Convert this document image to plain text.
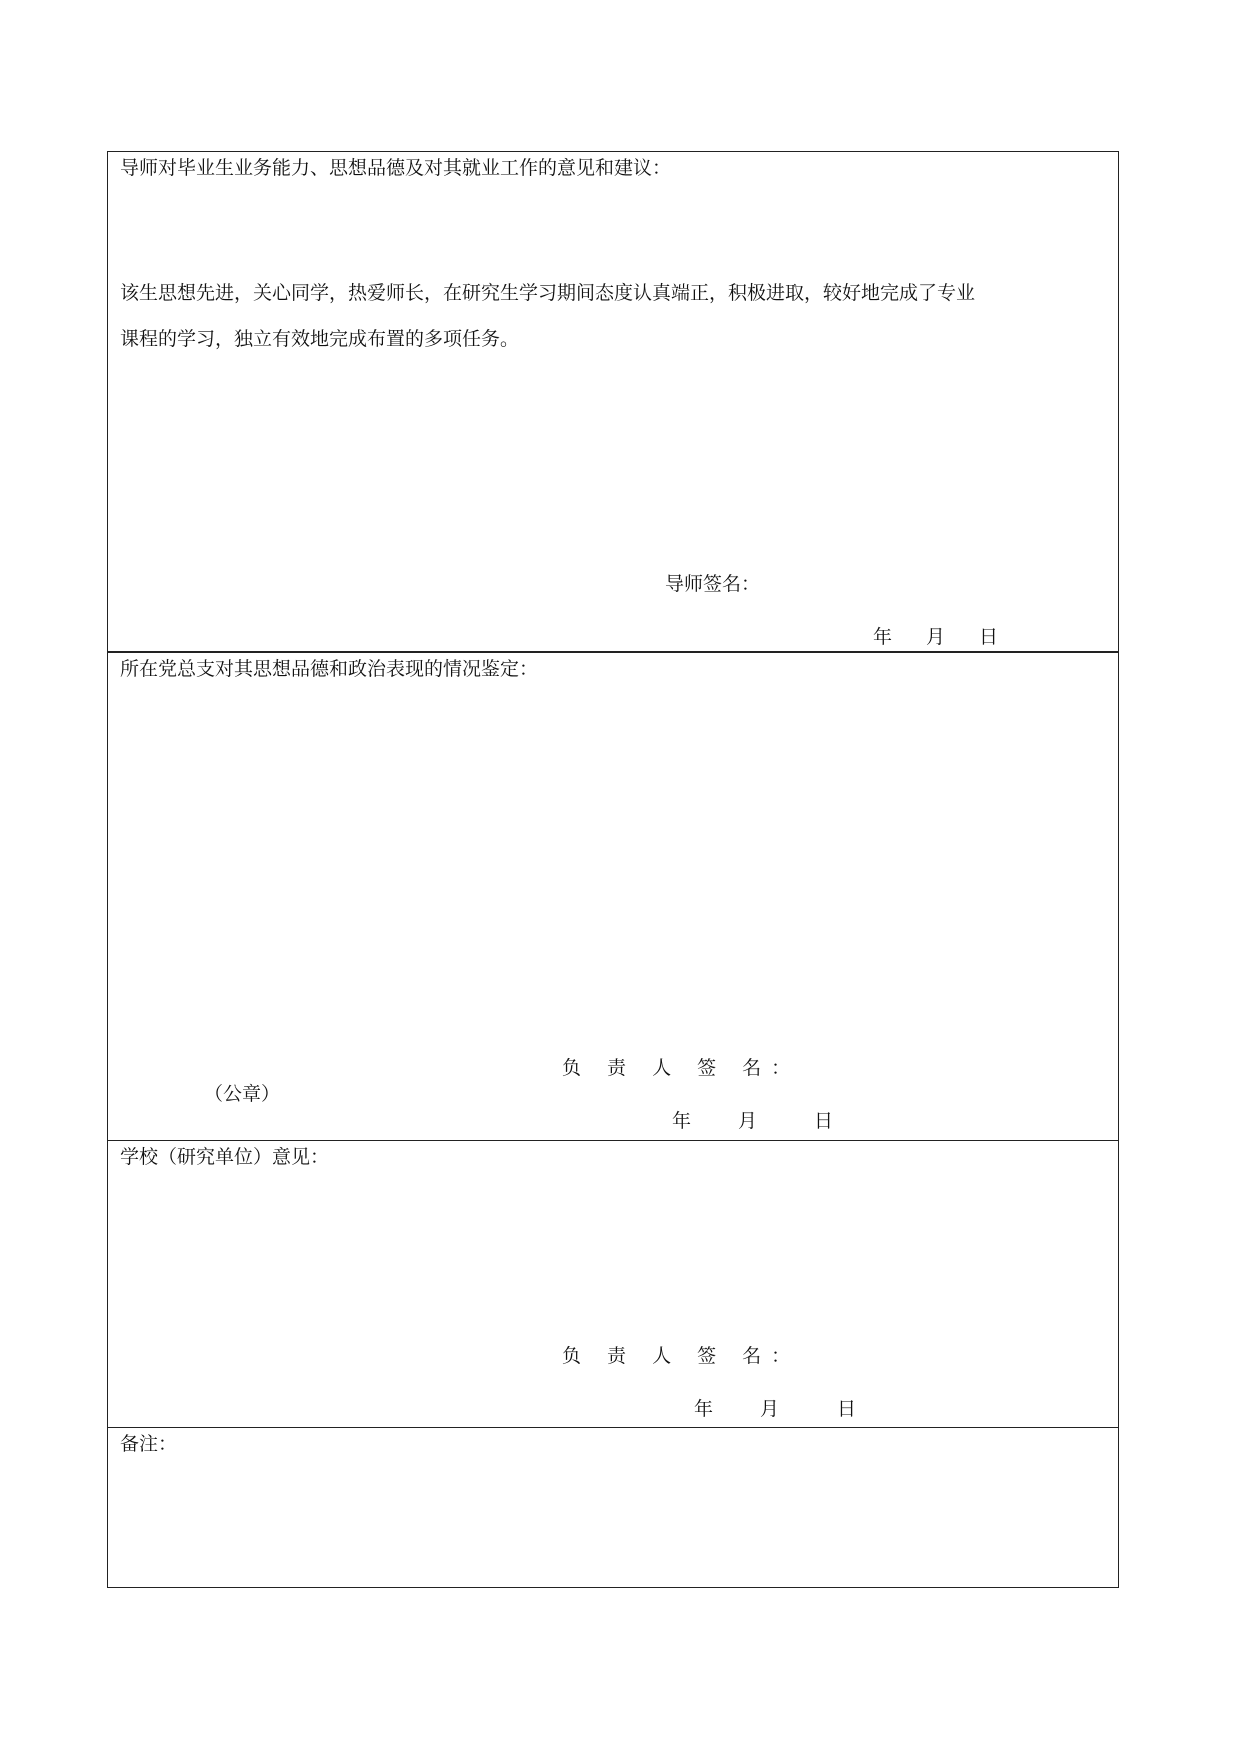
导师对毕业生业务能力、思想品德及对其就业工作的意见和建议：
该生思想先进，关心同学，热爱师长，在研究生学习期间态度认真端正，积极进取，较好地完成了专业
课程的学习，独立有效地完成布置的多项任务。
导师签名：
年 月 日
所在党总支对其思想品德和政治表现的情况鉴定：
负 责 人 签 名：
（公章）
年 月	日
学校（研究单位）意见：
负 责 人 签 名：
年 月	日
备注：
